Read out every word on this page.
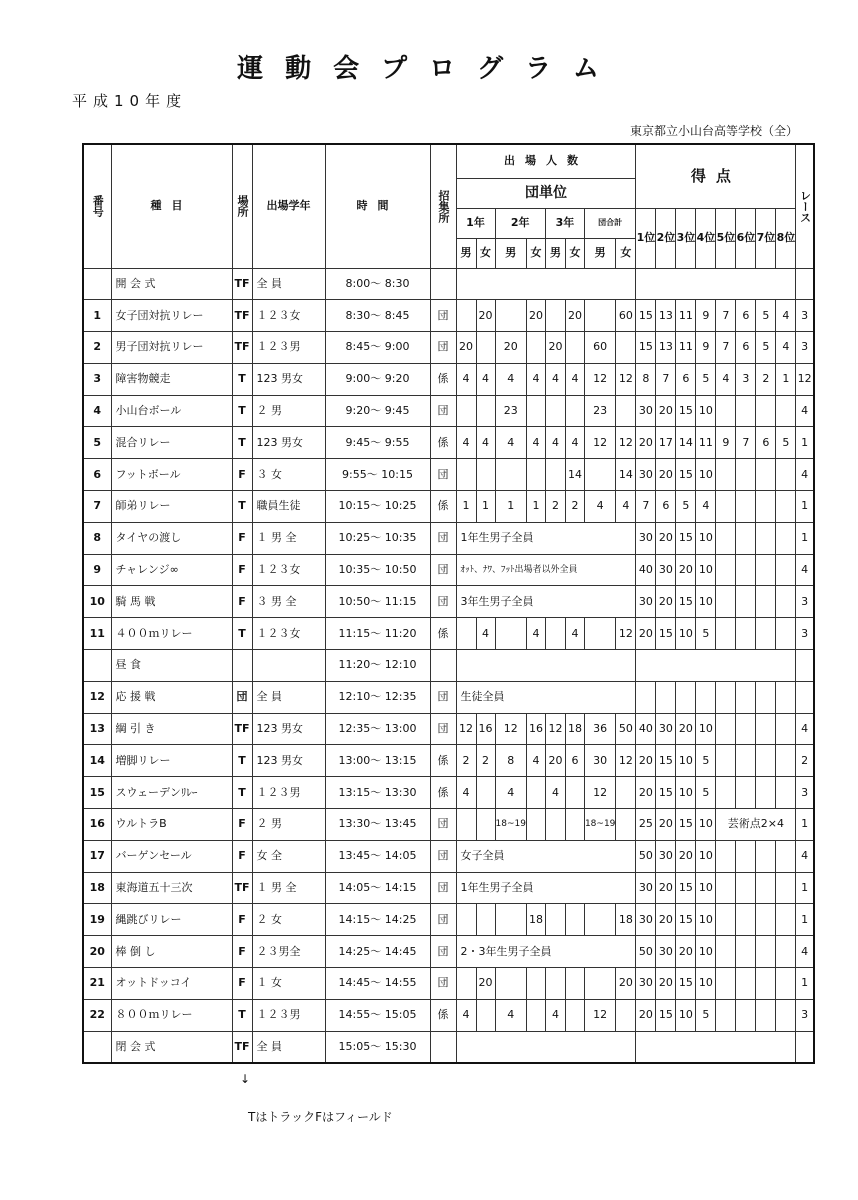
運動会プログラム
平成10年度
東京都立小山台高等学校（全）
番号	種目	場所	出場学年	時間	招集所	出場人数								得点								レース
						団単位																
						1年		2年		3年		団合計		1位	2位	3位	4位	5位	6位	7位	8位	
						男	女	男	女	男	女	男	女									
	開 会 式	TF	全 員	8:00～ 8:30																		
1	女子団対抗リレー	TF	１２３女	8:30～ 8:45	団		20		20		20		60	15	13	11	9	7	6	5	4	3
2	男子団対抗リレー	TF	１２３男	8:45～ 9:00	団	20		20		20		60		15	13	11	9	7	6	5	4	3
3	障害物競走	T	123 男女	9:00～ 9:20	係	4	4	4	4	4	4	12	12	8	7	6	5	4	3	2	1	12
4	小山台ボール	T	２ 男	9:20～ 9:45	団			23				23		30	20	15	10					4
5	混合リレー	T	123 男女	9:45～ 9:55	係	4	4	4	4	4	4	12	12	20	17	14	11	9	7	6	5	1
6	フットボール	F	３ 女	9:55～ 10:15	団						14		14	30	20	15	10					4
7	師弟リレー	T	職員生徒	10:15～ 10:25	係	1	1	1	1	2	2	4	4	7	6	5	4					1
8	タイヤの渡し	F	１ 男 全	10:25～ 10:35	団	1年生男子全員								30	20	15	10					1
9	チャレンジ∞	F	１２３女	10:35～ 10:50	団	ｵｯﾄ、ﾅﾜ、ﾌｯﾄ出場者以外全員								40	30	20	10					4
10	騎 馬 戦	F	３ 男 全	10:50～ 11:15	団	3年生男子全員								30	20	15	10					3
11	４００ｍリレー	T	１２３女	11:15～ 11:20	係		4		4		4		12	20	15	10	5					3
	昼 食			11:20～ 12:10																		
12	応 援 戦	団	全 員	12:10～ 12:35	団	生徒全員																
13	綱 引 き	TF	123 男女	12:35～ 13:00	団	12	16	12	16	12	18	36	50	40	30	20	10					4
14	増脚リレー	T	123 男女	13:00～ 13:15	係	2	2	8	4	20	6	30	12	20	15	10	5					2
15	スウェーデンﾘﾚｰ	T	１２３男	13:15～ 13:30	係	4		4		4		12		20	15	10	5					3
16	ウルトラB	F	２ 男	13:30～ 13:45	団			18~19				18~19		25	20	15	10	芸術点2×4				1
17	バーゲンセール	F	女 全	13:45～ 14:05	団	女子全員								50	30	20	10					4
18	東海道五十三次	TF	１ 男 全	14:05～ 14:15	団	1年生男子全員								30	20	15	10					1
19	縄跳びリレー	F	２ 女	14:15～ 14:25	団				18				18	30	20	15	10					1
20	棒 倒 し	F	２３男全	14:25～ 14:45	団	2・3年生男子全員								50	30	20	10					4
21	オットドッコイ	F	１ 女	14:45～ 14:55	団		20						20	30	20	15	10					1
22	８００ｍリレー	T	１２３男	14:55～ 15:05	係	4		4		4		12		20	15	10	5					3
	閉 会 式	TF	全 員	15:05～ 15:30																		
↓
TはトラックFはフィールド
